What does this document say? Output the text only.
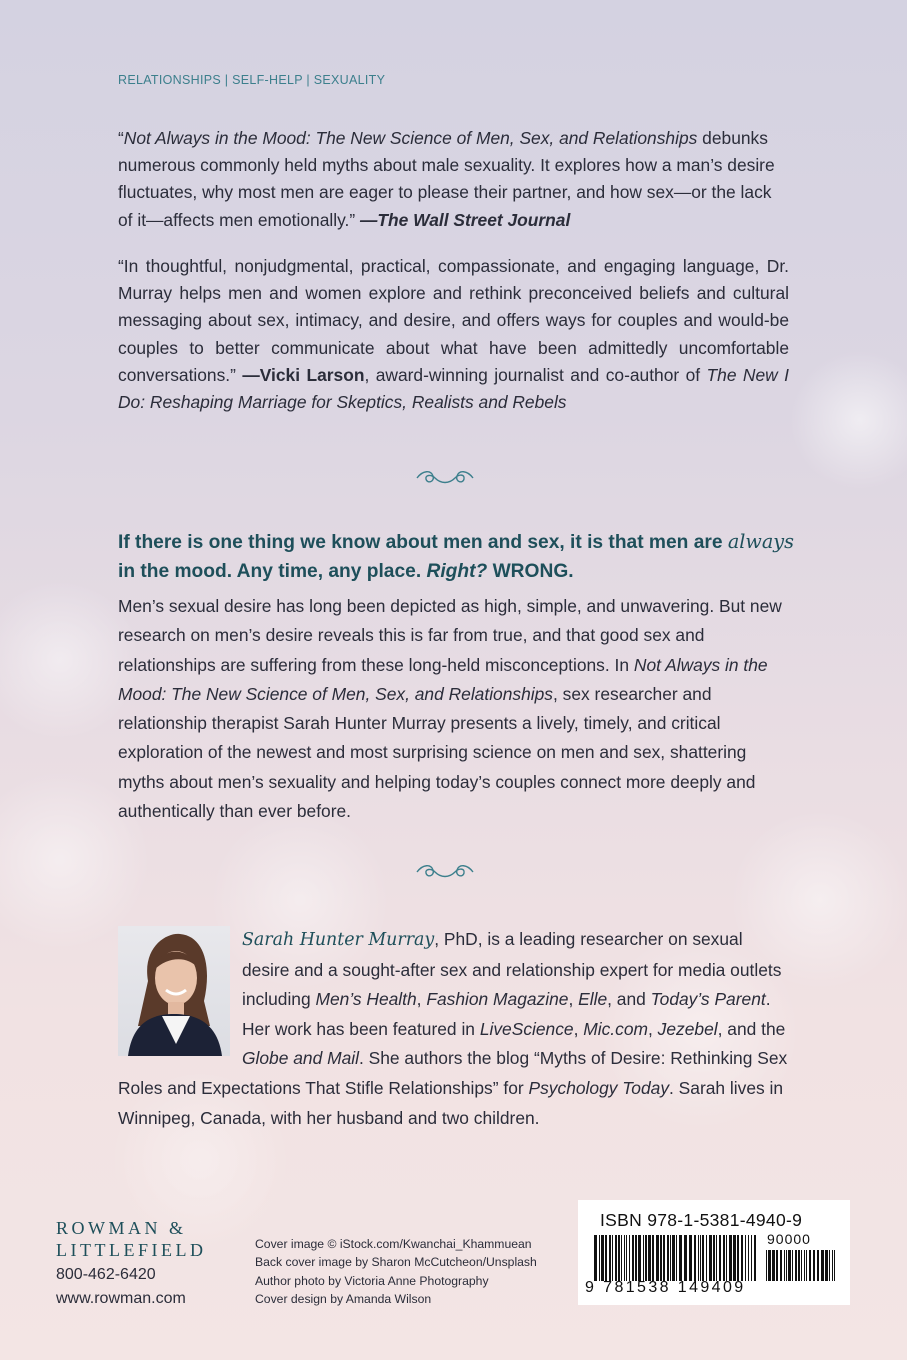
RELATIONSHIPS | SELF-HELP | SEXUALITY
“Not Always in the Mood: The New Science of Men, Sex, and Relationships debunks numerous commonly held myths about male sexuality. It explores how a man’s desire fluctuates, why most men are eager to please their partner, and how sex—or the lack of it—affects men emotionally.” —The Wall Street Journal
“In thoughtful, nonjudgmental, practical, compassionate, and engaging language, Dr. Murray helps men and women explore and rethink preconceived beliefs and cultural messaging about sex, intimacy, and desire, and offers ways for couples and would-be couples to better communicate about what have been admittedly uncomfortable conversations.” —Vicki Larson, award-winning journalist and co-author of The New I Do: Reshaping Marriage for Skeptics, Realists and Rebels
If there is one thing we know about men and sex, it is that men are always in the mood. Any time, any place. Right? WRONG.
Men’s sexual desire has long been depicted as high, simple, and unwavering. But new research on men’s desire reveals this is far from true, and that good sex and relationships are suffering from these long-held misconceptions. In Not Always in the Mood: The New Science of Men, Sex, and Relationships, sex researcher and relationship therapist Sarah Hunter Murray presents a lively, timely, and critical exploration of the newest and most surprising science on men and sex, shattering myths about men’s sexuality and helping today’s couples connect more deeply and authentically than ever before.
Sarah Hunter Murray, PhD, is a leading researcher on sexual desire and a sought-after sex and relationship expert for media outlets including Men’s Health, Fashion Magazine, Elle, and Today’s Parent. Her work has been featured in LiveScience, Mic.com, Jezebel, and the Globe and Mail. She authors the blog “Myths of Desire: Rethinking Sex Roles and Expectations That Stifle Relationships” for Psychology Today. Sarah lives in Winnipeg, Canada, with her husband and two children.
ROWMAN &
LITTLEFIELD
800-462-6420
www.rowman.com
Cover image © iStock.com/Kwanchai_Khammuean
Back cover image by Sharon McCutcheon/Unsplash
Author photo by Victoria Anne Photography
Cover design by Amanda Wilson
ISBN 978-1-5381-4940-9
90000
9 781538 149409
